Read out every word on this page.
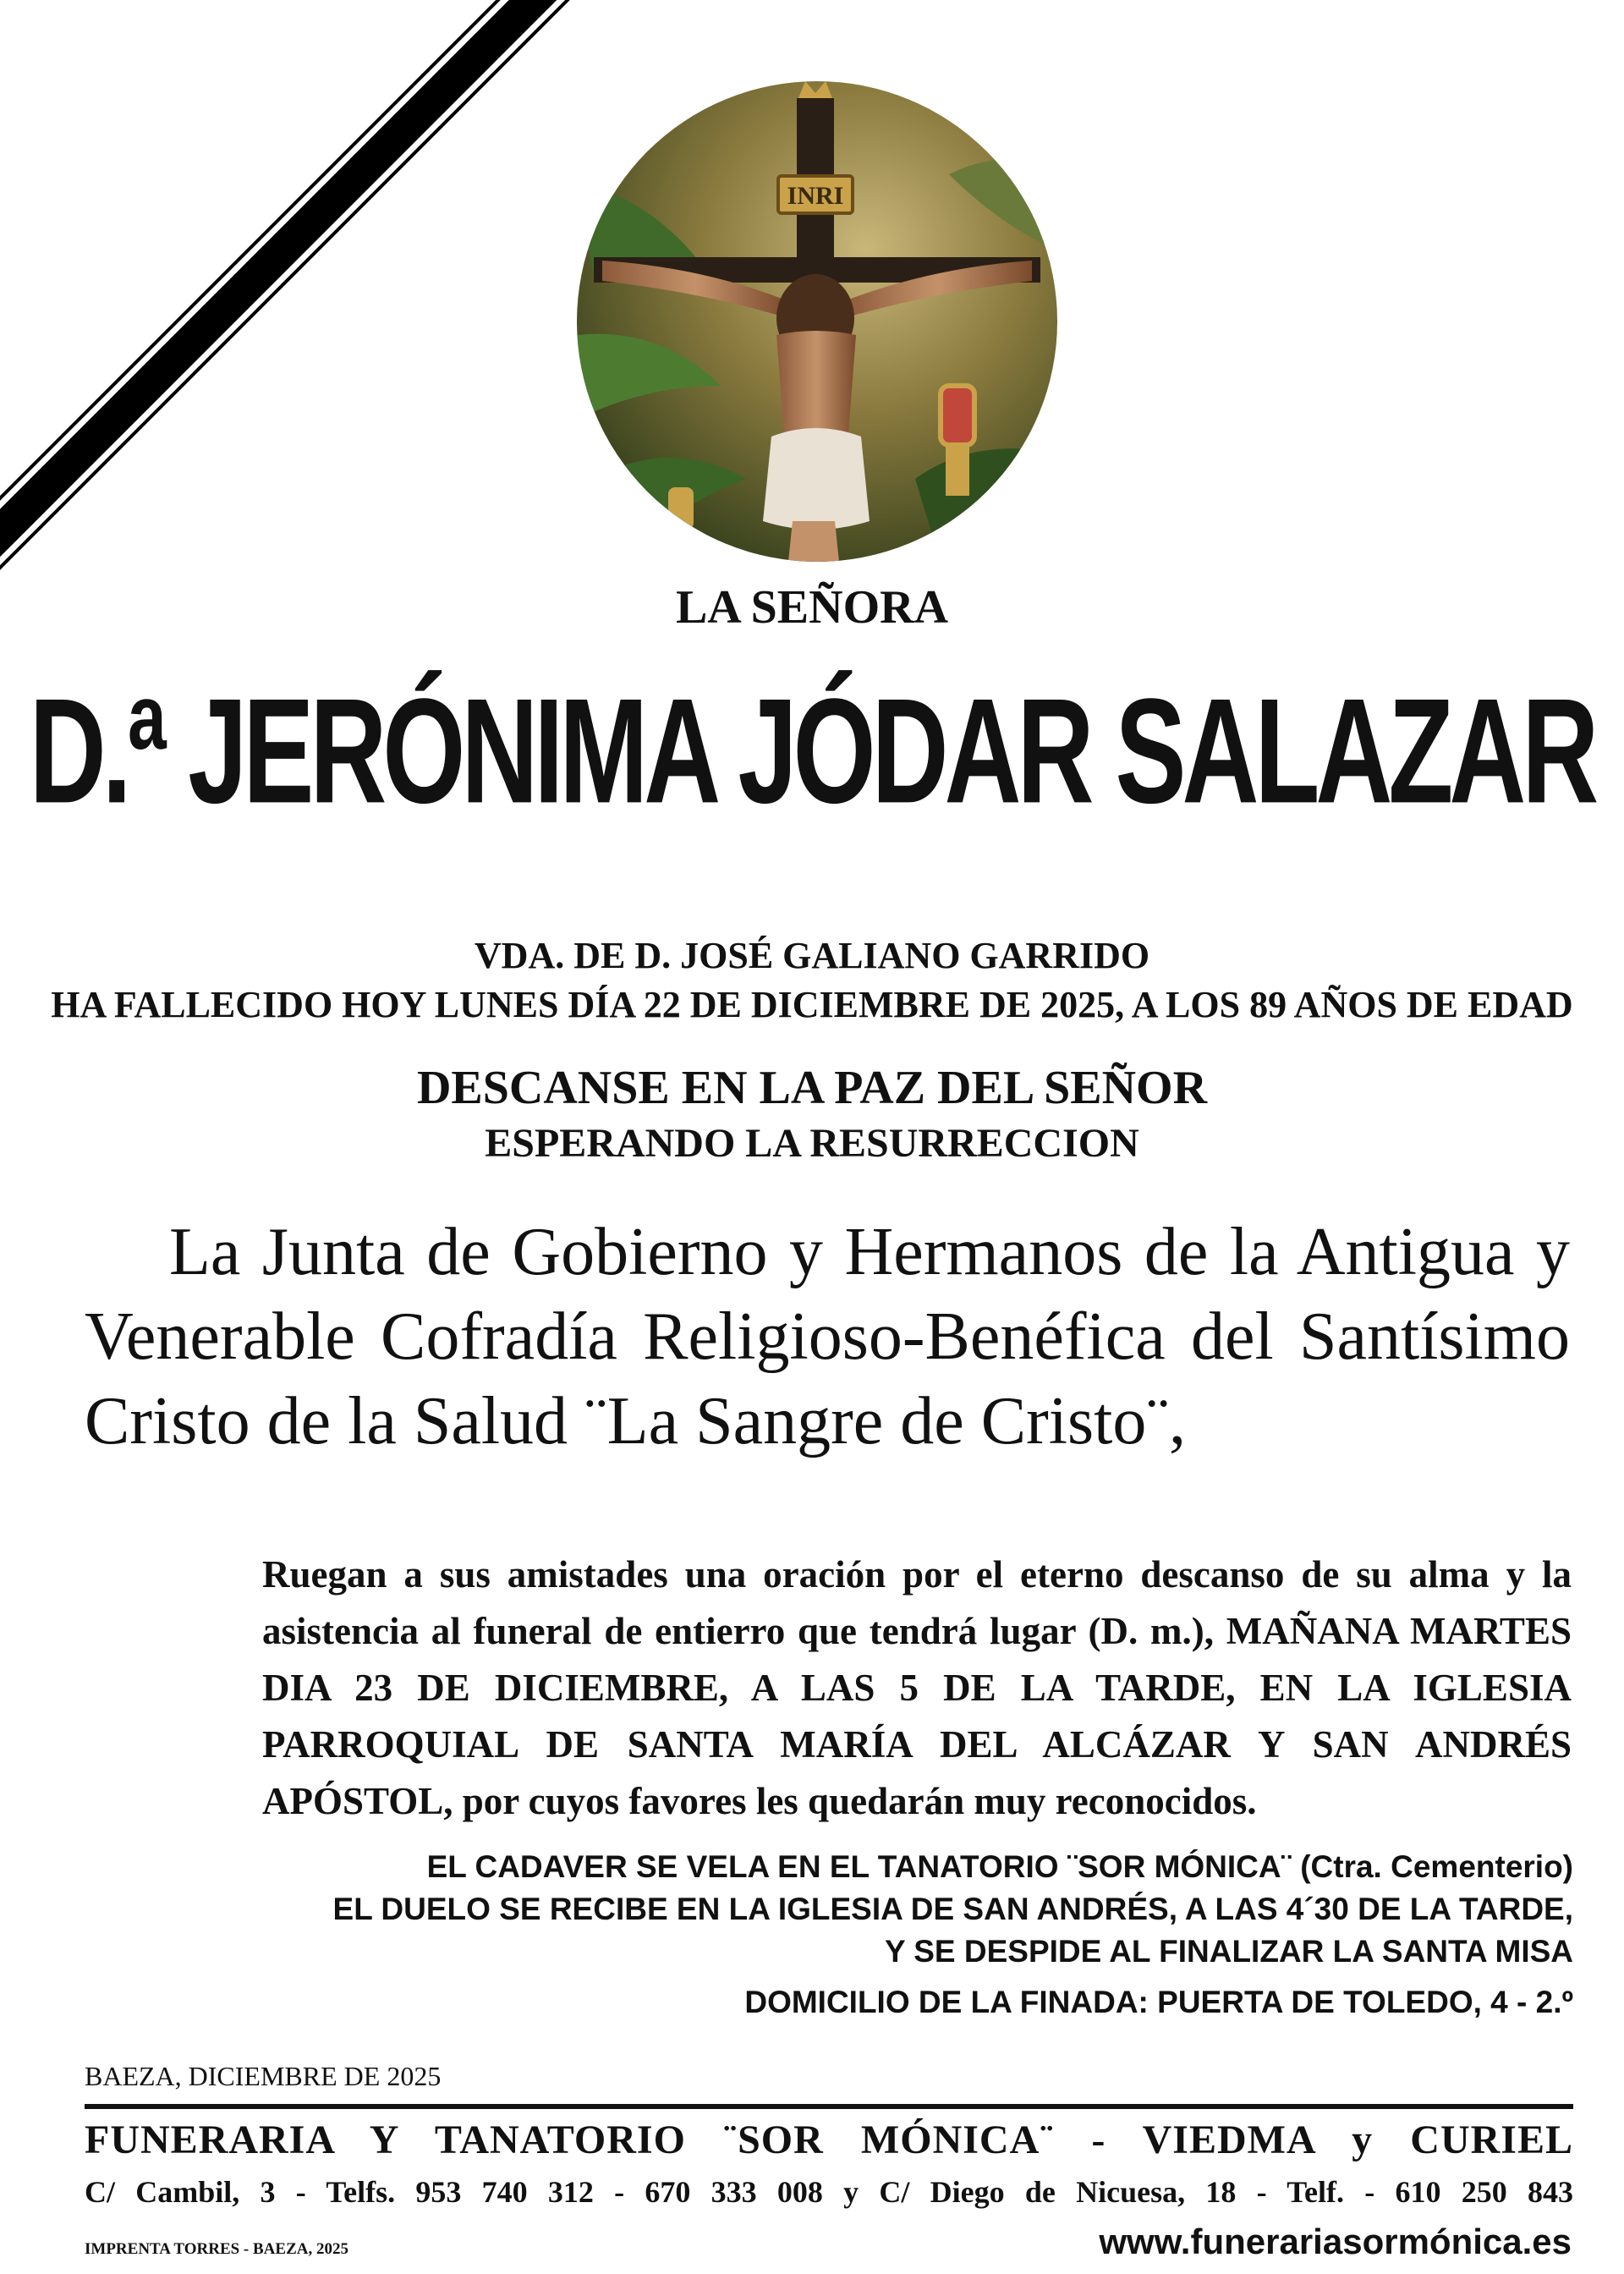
INRI
LA SEÑORA
D.ª JERÓNIMA JÓDAR SALAZAR
VDA. DE D. JOSÉ GALIANO GARRIDO
HA FALLECIDO HOY LUNES DÍA 22 DE DICIEMBRE DE 2025, A LOS 89 AÑOS DE EDAD
DESCANSE EN LA PAZ DEL SEÑOR
ESPERANDO LA RESURRECCION
La Junta de Gobierno y Hermanos de la Antigua y Venerable Cofradía Religioso-Benéfica del Santísimo Cristo de la Salud ¨La Sangre de Cristo¨,
Ruegan a sus amistades una oración por el eterno descanso de su alma y la asistencia al funeral de entierro que tendrá lugar (D. m.), MAÑANA MARTES DIA 23 DE DICIEMBRE, A LAS 5 DE LA TARDE, EN LA IGLESIA PARROQUIAL DE SANTA MARÍA DEL ALCÁZAR Y SAN ANDRÉS APÓSTOL, por cuyos favores les quedarán muy reconocidos.
EL CADAVER SE VELA EN EL TANATORIO ¨SOR MÓNICA¨ (Ctra. Cementerio)
EL DUELO SE RECIBE EN LA IGLESIA DE SAN ANDRÉS, A LAS 4´30 DE LA TARDE,
Y SE DESPIDE AL FINALIZAR LA SANTA MISA
DOMICILIO DE LA FINADA: PUERTA DE TOLEDO, 4 - 2.º
BAEZA, DICIEMBRE DE 2025
FUNERARIA Y TANATORIO ¨SOR MÓNICA¨ - VIEDMA y CURIEL
C/ Cambil, 3 - Telfs. 953 740 312 - 670 333 008 y C/ Diego de Nicuesa, 18 - Telf. - 610 250 843
IMPRENTA TORRES - BAEZA, 2025	www.funerariasormónica.es
